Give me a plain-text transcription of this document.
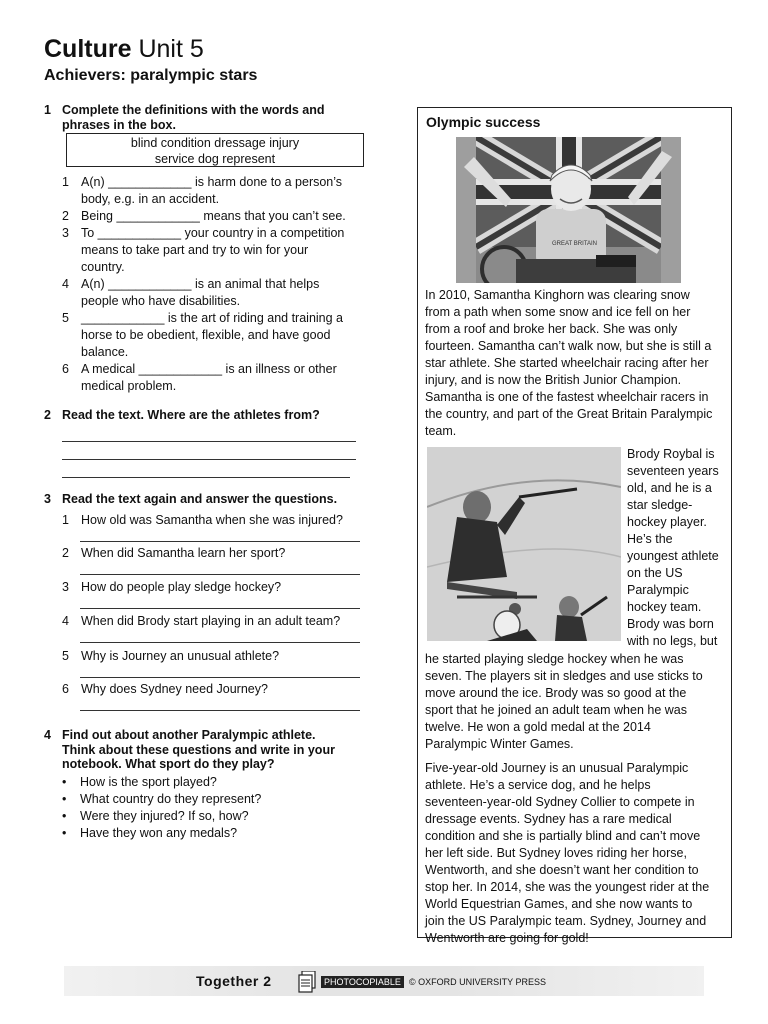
Culture Unit 5
Achievers: paralympic stars
1 Complete the definitions with the words and
phrases in the box.
blind condition dressage injury
service dog represent
1 A(n) ____________ is harm done to a person’s
body, e.g. in an accident.
2 Being ____________ means that you can’t see.
3 To ____________ your country in a competition
means to take part and try to win for your
country.
4 A(n) ____________ is an animal that helps
people who have disabilities.
5 ____________ is the art of riding and training a
horse to be obedient, flexible, and have good
balance.
6 A medical ____________ is an illness or other
medical problem.
2 Read the text. Where are the athletes from?
3 Read the text again and answer the questions.
1 How old was Samantha when she was injured?
2 When did Samantha learn her sport?
3 How do people play sledge hockey?
4 When did Brody start playing in an adult team?
5 Why is Journey an unusual athlete?
6 Why does Sydney need Journey?
4 Find out about another Paralympic athlete.
Think about these questions and write in your
notebook. What sport do they play?
• How is the sport played?
• What country do they represent?
• Were they injured? If so, how?
• Have they won any medals?
Olympic success
GREAT BRITAIN
In 2010, Samantha Kinghorn was clearing snow
from a path when some snow and ice fell on her
from a roof and broke her back. She was only
fourteen. Samantha can’t walk now, but she is still a
star athlete. She started wheelchair racing after her
injury, and is now the British Junior Champion.
Samantha is one of the fastest wheelchair racers in
the country, and part of the Great Britain Paralympic
team.
Brody Roybal is
seventeen years
old, and he is a
star sledge-
hockey player.
He’s the
youngest athlete
on the US
Paralympic
hockey team.
Brody was born
with no legs, but
he started playing sledge hockey when he was
seven. The players sit in sledges and use sticks to
move around the ice. Brody was so good at the
sport that he joined an adult team when he was
twelve. He won a gold medal at the 2014
Paralympic Winter Games.
Five-year-old Journey is an unusual Paralympic
athlete. He’s a service dog, and he helps
seventeen-year-old Sydney Collier to compete in
dressage events. Sydney has a rare medical
condition and she is partially blind and can’t move
her left side. But Sydney loves riding her horse,
Wentworth, and she doesn’t want her condition to
stop her. In 2014, she was the youngest rider at the
World Equestrian Games, and she now wants to
join the US Paralympic team. Sydney, Journey and
Wentworth are going for gold!
Together 2	PHOTOCOPIABLE © OXFORD UNIVERSITY PRESS
